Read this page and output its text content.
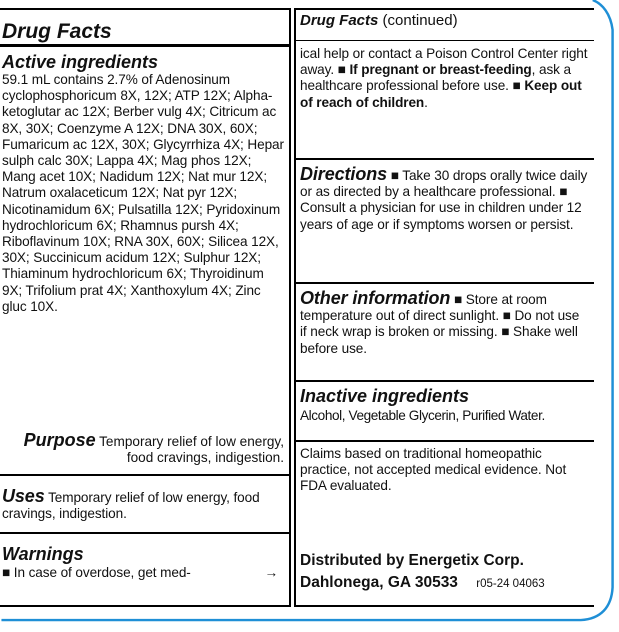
Drug Facts
Active ingredients
59.1 mL contains 2.7% of Adenosinum cyclophosphoricum 8X, 12X; ATP 12X; Alpha-ketoglutar ac 12X; Berber vulg 4X; Citricum ac 8X, 30X; Coenzyme A 12X; DNA 30X, 60X; Fumaricum ac 12X, 30X; Glycyrrhiza 4X; Hepar sulph calc 30X; Lappa 4X; Mag phos 12X; Mang acet 10X; Nadidum 12X; Nat mur 12X; Natrum oxalaceticum 12X; Nat pyr 12X; Nicotinamidum 6X; Pulsatilla 12X; Pyridoxinum hydrochloricum 6X; Rhamnus pursh 4X; Riboflavinum 10X; RNA 30X, 60X; Silicea 12X, 30X; Succinicum acidum 12X; Sulphur 12X; Thiaminum hydrochloricum 6X; Thyroidinum 9X; Trifolium prat 4X; Xanthoxylum 4X; Zinc gluc 10X.
Purpose Temporary relief of low energy, food cravings, indigestion.
Uses Temporary relief of low energy, food cravings, indigestion.
Warnings
■ In case of overdose, get med-	→
Drug Facts (continued)
ical help or contact a Poison Control Center right away. ■ If pregnant or breast-feeding, ask a healthcare professional before use. ■ Keep out of reach of children.
Directions ■ Take 30 drops orally twice daily or as directed by a healthcare professional. ■ Consult a physician for use in children under 12 years of age or if symptoms worsen or persist.
Other information ■ Store at room temperature out of direct sunlight. ■ Do not use if neck wrap is broken or missing. ■ Shake well before use.
Inactive ingredients
Alcohol, Vegetable Glycerin, Purified Water.
Claims based on traditional homeopathic practice, not accepted medical evidence. Not FDA evaluated.
Distributed by Energetix Corp.
Dahlonega, GA 30533 r05-24 04063
